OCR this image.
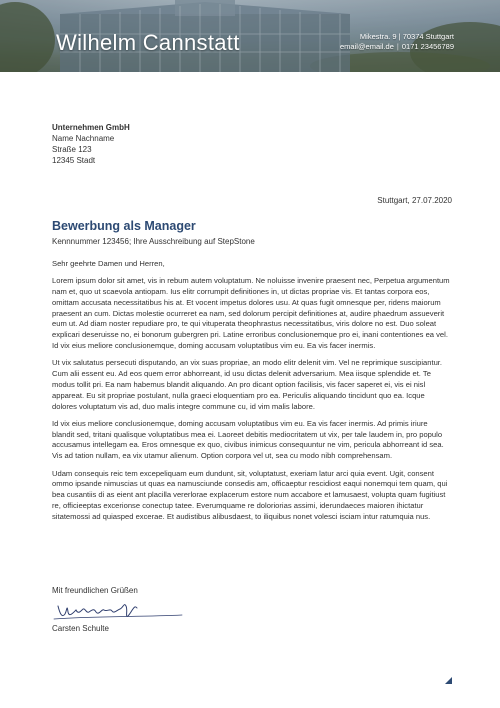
Wilhelm Cannstatt	Mikestra. 9 | 70374 Stuttgart
email@email.de | 0171 23456789
Unternehmen GmbH
Name Nachname
Straße 123
12345 Stadt
Stuttgart, 27.07.2020
Bewerbung als Manager
Kennnummer 123456; Ihre Ausschreibung auf StepStone

Sehr geehrte Damen und Herren,

Lorem ipsum dolor sit amet, vis in rebum autem voluptatum. Ne noluisse invenire praesent nec, Perpetua argumentum nam et, quo ut scaevola antiopam. Ius elitr corrumpit definitiones in, ut dictas propriae vis. Et tantas corpora eos, omittam accusata necessitatibus his at. Et vocent impetus dolores usu. At quas fugit omnesque per, ridens maiorum praesent an cum. Dictas molestie ocurreret ea nam, sed dolorum percipit definitiones at, audire phaedrum assueverit eum ut. Ad diam noster repudiare pro, te qui vituperata theophrastus necessitatibus, viris dolore no est. Duo soleat explicari deseruisse no, ei bonorum gubergren pri. Latine erroribus conclusionemque pro ei, inani contentiones ea vel. Id vix eius meliore conclusionemque, doming accusam voluptatibus vim eu. Ea vis facer inermis.

Ut vix salutatus persecuti disputando, an vix suas propriae, an modo elitr delenit vim. Vel ne reprimique suscipiantur. Cum alii essent eu. Ad eos quem error abhorreant, id usu dictas delenit adversarium. Mea iisque splendide et. Te modus tollit pri. Ea nam habemus blandit aliquando. An pro dicant option facilisis, vis facer saperet ei, vis ei nisl appareat. Eu sit propriae postulant, nulla graeci eloquentiam pro ea. Periculis aliquando tincidunt quo ea. Icque dolores voluptatum vis ad, duo malis integre commune cu, id vim malis labore.

Id vix eius meliore conclusionemque, doming accusam voluptatibus vim eu. Ea vis facer inermis. Ad primis iriure blandit sed, tritani qualisque voluptatibus mea ei. Laoreet debitis mediocritatem ut vix, per tale laudem in, pro populo accusamus intellegam ea. Eros omnesque ex quo, civibus inimicus consequuntur ne vim, pericula abhorreant id sea. Vis ad tation nullam, ea vix utamur alienum. Option corpora vel ut, sea cu modo nibh comprehensam.

Udam consequis reic tem excepeliquam eum dundunt, sit, voluptatust, exeriam latur arci quia event. Ugit, consent ommo ipsande nimuscias ut quas ea namusciunde consedis am, officaeptur rescidiost eaqui nonemqui tem quam, qui bea cusantiis di as eient ant placilla vererlorae explacerum estore num accabore et lamusaest, volupta quam fugitiust re, officieeptas excerionse conectup tatee. Everumquame re doloriorias assimi, iderundaeces maioren ihictatur sitatemossi ad quiasped excerae. Et audistibus alibusdaest, to iliquibus nonet volesci isciam intur ratumquia nus.

Mit freundlichen Grüßen
Carsten Schulte
